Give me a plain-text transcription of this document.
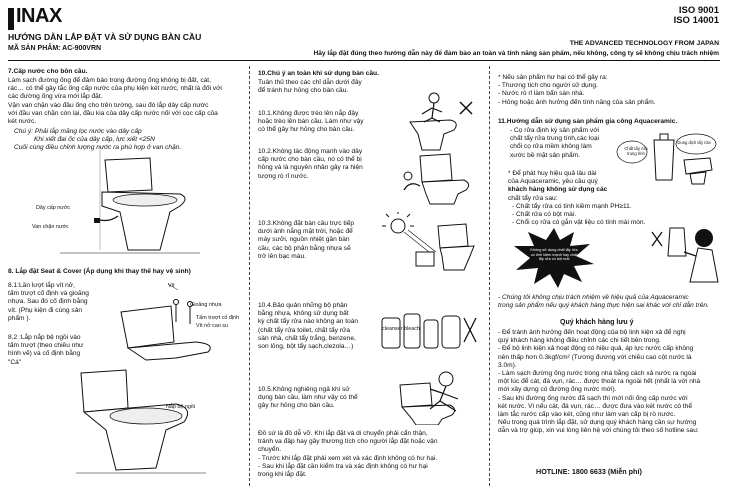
INAX	ISO 9001
ISO 14001
HƯỚNG DẪN LẮP ĐẶT VÀ SỬ DỤNG BÀN CẦU
THE ADVANCED TECHNOLOGY FROM JAPAN
MÃ SẢN PHẨM: AC-900VRN
Hãy lắp đặt đúng theo hướng dẫn này để đảm bảo an toàn và tính năng sản phẩm, nếu không, công ty sẽ không chịu trách nhiệm
7.Cấp nước cho bồn cầu.
Làm sạch đường ống để đảm bảo trong đường ống không bị đất, cát,
rác… có thể gây tắc ống cấp nước của phụ kiện két nước, nhất là đối với
các đường ống vừa mới lắp đặt.
Vặn van chặn vào đầu ống cho trên tường, sau đó lắp dây cấp nước
với đầu van chặn còn lại, đầu kia của dây cấp nước nối với cọc cấp của
két nước.
Chú ý: Phải lắp măng lọc nước vào dây cấp
Khi xiết đai ốc của dây cấp, lực xiết <25N
Cuối cùng điều chỉnh lượng nước ra phù hợp ở van chặn.
Dây cấp nước
Van chặn nước
8. Lắp đặt Seat & Cover (Áp dụng khi thay thế hay vệ sinh)
8.1:Lần lượt lắp vít nở,
tấm trượt cố định và gioăng
nhựa. Sau đó cố định bằng
vít. (Phụ kiện đi cùng sản
phẩm ).
8.2 :Lắp nắp bệ ngồi vào
tấm trượt (theo chiều như
hình vẽ) và cố định bằng
"Cá"
Vít
Gioăng nhựa
Tấm trượt cố định
Vít nở cao su
Nắp bệ ngồi
10.Chú ý an toàn khi sử dụng bàn cầu.
Tuân thủ theo các chỉ dẫn dưới đây
để tránh hư hỏng cho bàn cầu.
10.1.Không được trèo lên nắp đậy
hoặc trèo lên bàn cầu. Làm như vậy
có thể gây hư hỏng cho bàn cầu.
10.2.Không tác động mạnh vào dây
cấp nước cho bàn cầu, nó có thể bị
hỏng và là nguyên nhân gây ra hiện
tượng rò rỉ nước.
10.3.Không đặt bàn cầu trực tiếp
dưới ánh nắng mặt trời, hoặc để
máy sưởi, nguồn nhiệt gần bàn
cầu, các bộ phận bằng nhựa sẽ
trở lên bạc màu.
10.4.Bảo quản những bộ phận
bằng nhựa, không sử dụng bất
kỳ chất tẩy rửa nào không an toàn
(chất tẩy rửa toilet, chất tẩy rửa
sàn nhà, chất tẩy trắng, benzene,
son lỏng, bột tẩy sạch,clezola…)
10.5.Không nghiêng ngả khi sử
dụng bàn cầu, làm như vậy có thể
gây hư hỏng cho bàn cầu.
Đồ sứ là đồ dễ vỡ. Khi lắp đặt và di chuyển phải cẩn thận,
tránh va đập hay gây thương tích cho người lắp đặt hoặc vận
chuyển.
- Trước khi lắp đặt phải xem xét và xác định không có hư hại.
- Sau khi lắp đặt cần kiểm tra và xác định không có hư hại
trong khi lắp đặt.
cleanser bleach
* Nếu sản phẩm hư hại có thể gây ra:
- Thương tích cho người sử dụng.
- Nước rò rỉ làm bẩn sàn nhà.
- Hỏng hoặc ảnh hưởng đến tính năng của sản phẩm.
11.Hướng dẫn sử dụng sản phẩm gia công Aquaceramic.
- Cọ rửa định kỳ sản phẩm với
chất tẩy rửa trung tính,các loại
chổi cọ rửa mềm không làm
xước bề mặt sản phẩm.
Chất tẩy rửa trung tính
Dung dịch tẩy rửa
* Để phát huy hiệu quả lâu dài
của Aquaceramic, yêu cầu quý
khách hàng không sử dụng các
chất tẩy rửa sau:
- Chất tẩy rửa có tính kiềm mạnh PH≥11.
- Chất rửa có bột mài.
- Chổi cọ rửa có gắn vật liệu có tính mài mòn.
Không sử dụng chất tẩy rửa có tính kiềm mạnh hay chất tẩy rửa có bột mài
- Chúng tôi không chịu trách nhiệm về hiệu quả của Aquaceramic
trong sản phẩm nếu quý khách hàng thực hiện sai khác với chỉ dẫn trên.
Quý khách hàng lưu ý
- Để tránh ảnh hưởng đến hoạt động của bộ linh kiện xả để nghị
quý khách hàng không điều chỉnh các chi tiết bên trong.
- Để bộ linh kiện xả hoạt động có hiệu quả, áp lực nước cấp không
nên thấp hơn 0.3kgf/cm² (Tương đương với chiều cao cột nước là
3.0m).
- Làm sạch đường ống nước trong nhà bằng cách xả nước ra ngoài
một lúc để cát, đá vụn, rác… được thoát ra ngoài hết (nhất là với nhà
mới xây dựng có đường ống nước mới).
- Sau khi đường ống nước đã sạch thì mới nối ống cấp nước với
két nước. Vì nếu cát, đá vụn, rác… được đưa vào két nước có thể
làm tắc nước cấp vào két, cũng như làm van cấp bị rò nước.
Nếu trong quá trình lắp đặt, sử dụng quý khách hàng cần sự hướng
dẫn và trợ giúp, xin vui lòng liên hệ với chúng tôi theo số hotline sau:
HOTLINE: 1800 6633 (Miễn phí)
